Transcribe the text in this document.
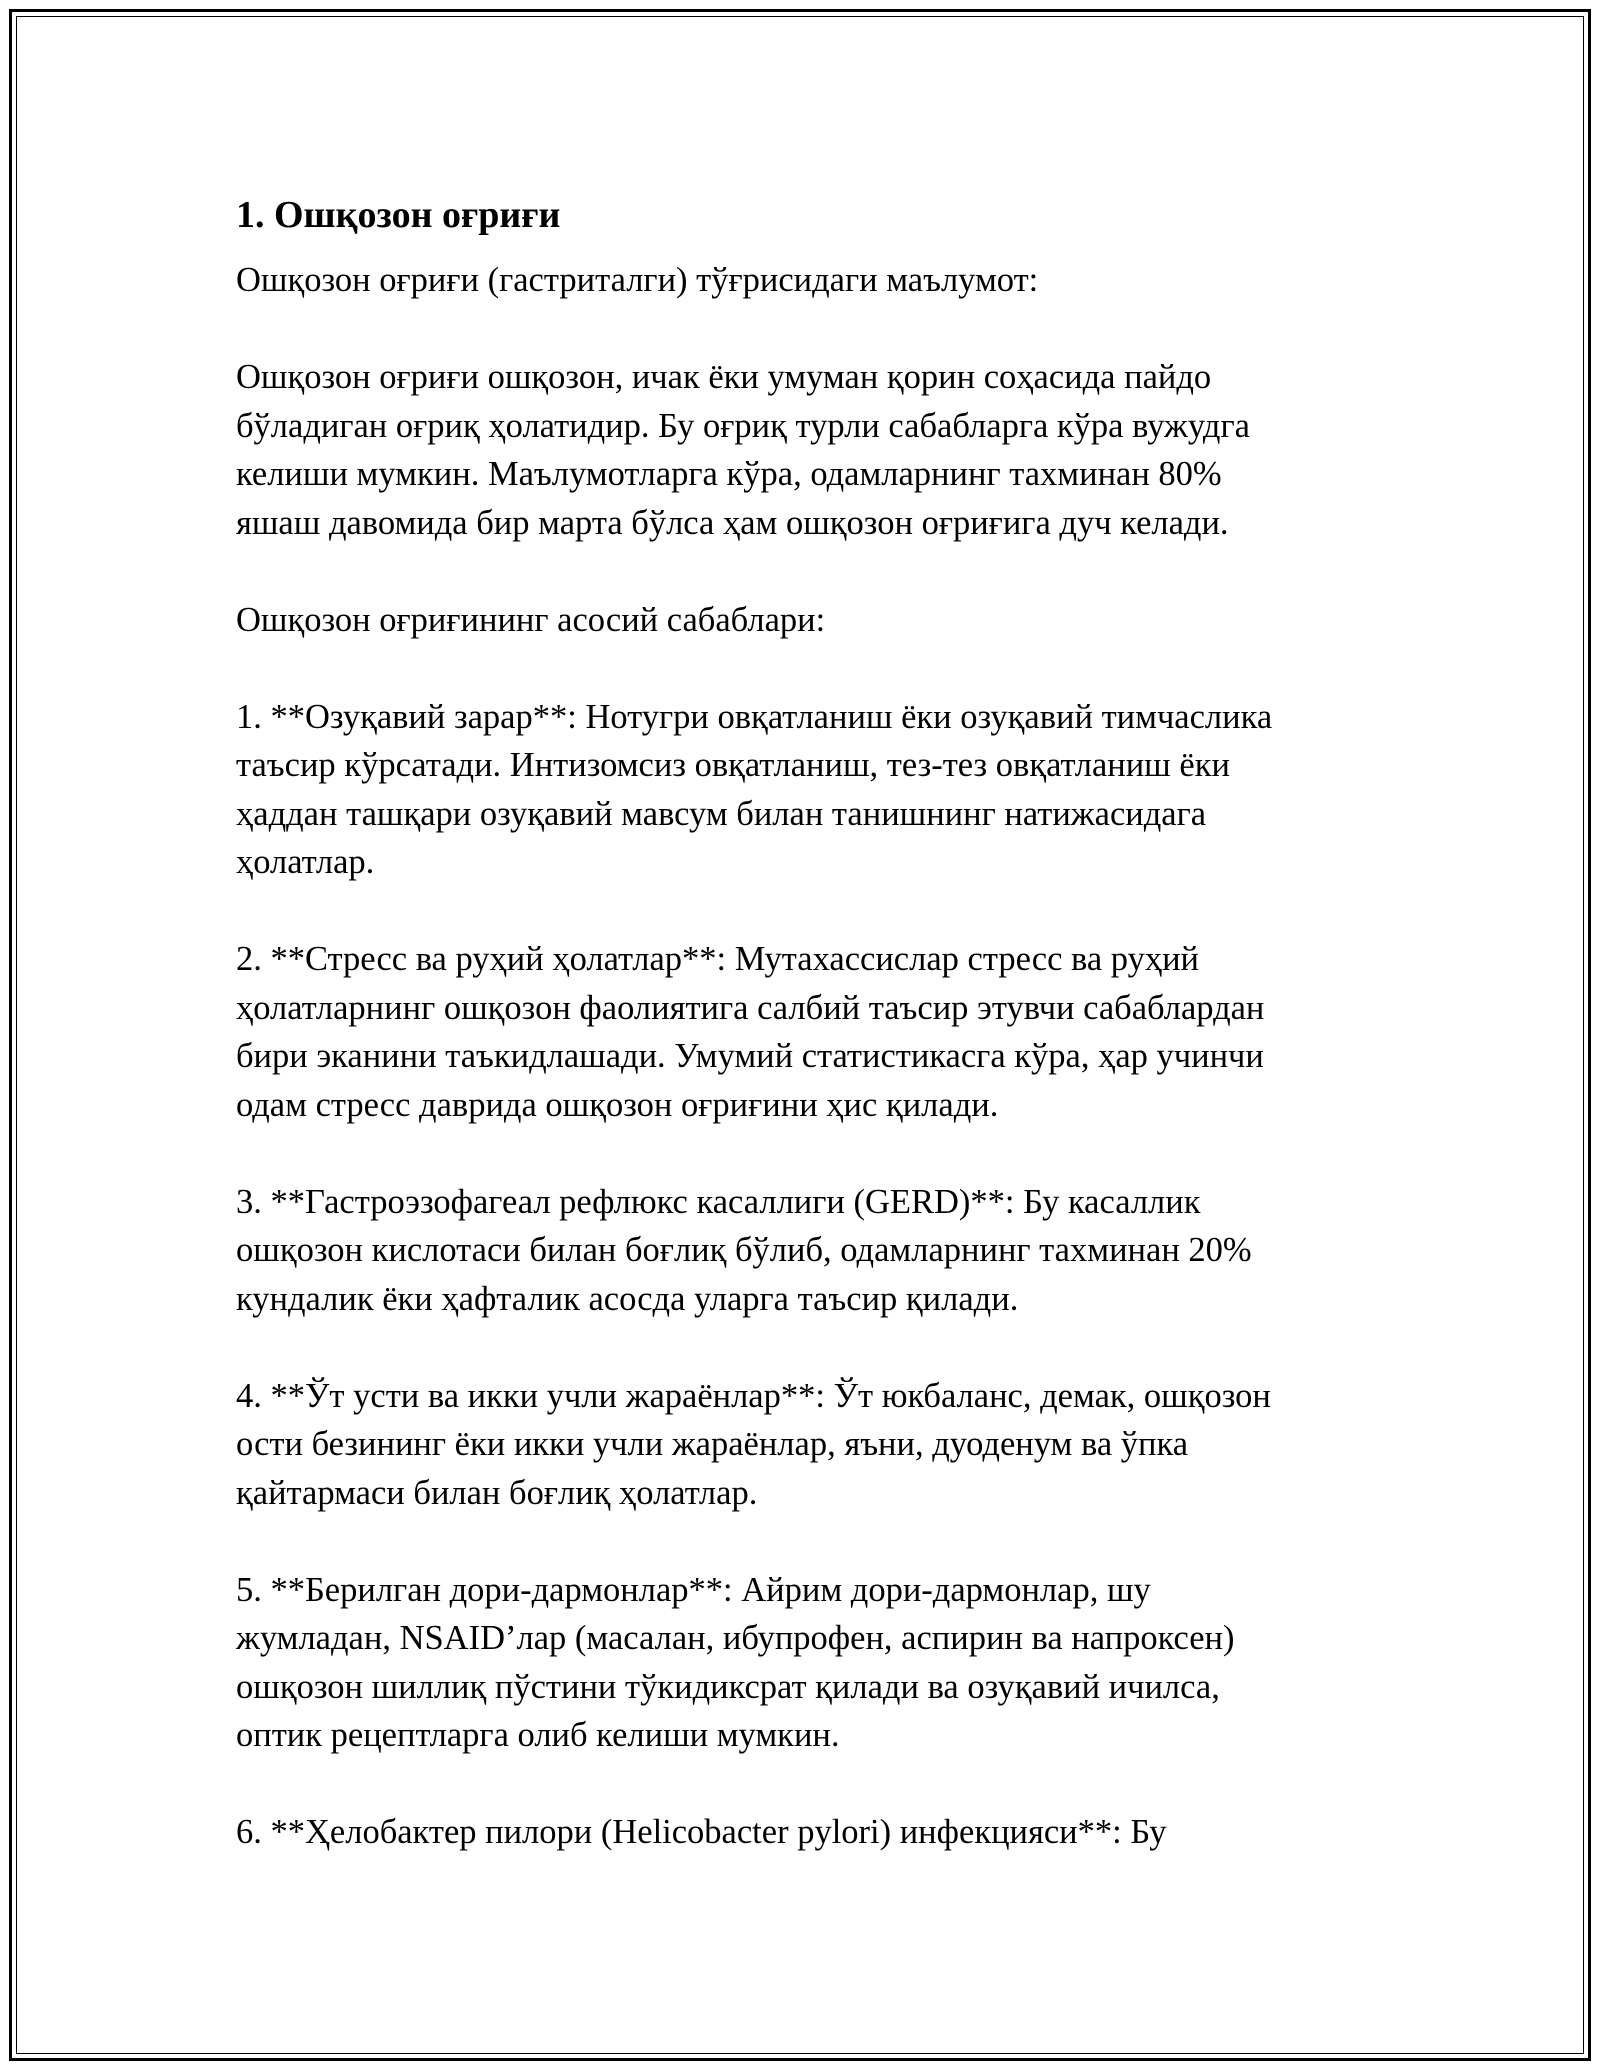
1. Ошқозон оғриғи

Ошқозон оғриғи (гастриталги) тўғрисидаги маълумот:

Ошқозон оғриғи ошқозон, ичак ёки умуман қорин соҳасида пайдо
бўладиган оғриқ ҳолатидир. Бу оғриқ турли сабабларга кўра вужудга
келиши мумкин. Маълумотларга кўра, одамларнинг тахминан 80%
яшаш давомида бир марта бўлса ҳам ошқозон оғриғига дуч келади.

Ошқозон оғриғининг асосий сабаблари:

1. **Озуқавий зарар**: Нотугри овқатланиш ёки озуқавий тимчаслика
таъсир кўрсатади. Интизомсиз овқатланиш, тез-тез овқатланиш ёки
ҳаддан ташқари озуқавий мавсум билан танишнинг натижасидага
ҳолатлар.

2. **Стресс ва руҳий ҳолатлар**: Мутахассислар стресс ва руҳий
ҳолатларнинг ошқозон фаолиятига салбий таъсир этувчи сабаблардан
бири эканини таъкидлашади. Умумий статистикасга кўра, ҳар учинчи
одам стресс даврида ошқозон оғриғини ҳис қилади.

3. **Гастроэзофагеал рефлюкс касаллиги (GERD)**: Бу касаллик
ошқозон кислотаси билан боғлиқ бўлиб, одамларнинг тахминан 20%
кундалик ёки ҳафталик асосда уларга таъсир қилади.

4. **Ўт усти ва икки учли жараёнлар**: Ўт юкбаланс, демак, ошқозон
ости безининг ёки икки учли жараёнлар, яъни, дуоденум ва ўпка
қайтармаси билан боғлиқ ҳолатлар.

5. **Берилган дори-дармонлар**: Айрим дори-дармонлар, шу
жумладан, NSAID’лар (масалан, ибупрофен, аспирин ва напроксен)
ошқозон шиллиқ пўстини тўкидиксрат қилади ва озуқавий ичилса,
оптик рецептларга олиб келиши мумкин.

6. **Ҳелобактер пилори (Helicobacter pylori) инфекцияси**: Бу
